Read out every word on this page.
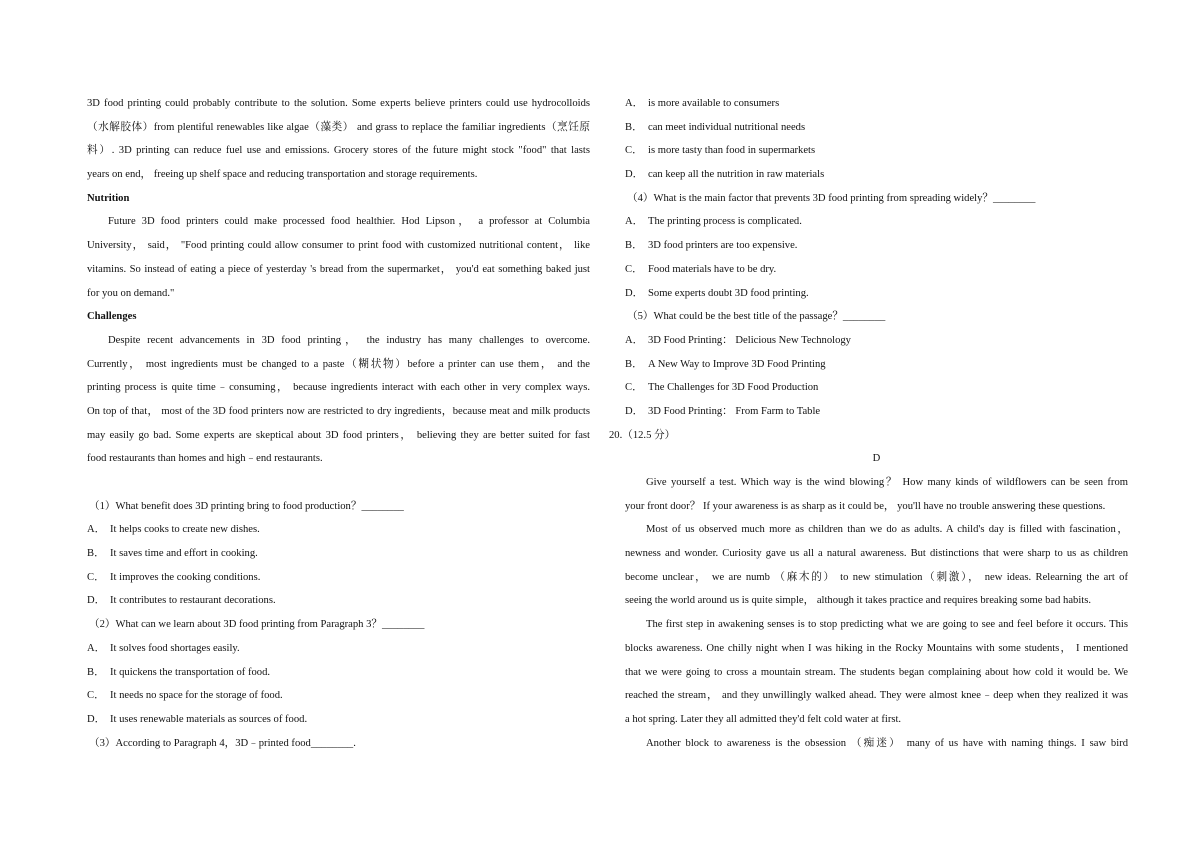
3D food printing could probably contribute to the solution. Some experts believe printers could use hydrocolloids
（水解胶体）from plentiful renewables like algae（藻类） and grass to replace the familiar ingredients（烹饪原
料）. 3D printing can reduce fuel use and emissions. Grocery stores of the future might stock "food" that lasts
years on end， freeing up shelf space and reducing transportation and storage requirements.
Nutrition
Future 3D food printers could make processed food healthier. Hod Lipson， a professor at Columbia
University， said， "Food printing could allow consumer to print food with customized nutritional content， like
vitamins. So instead of eating a piece of yesterday 's bread from the supermarket， you'd eat something baked just
for you on demand."
Challenges
Despite recent advancements in 3D food printing， the industry has many challenges to overcome.
Currently， most ingredients must be changed to a paste（糊状物）before a printer can use them， and the
printing process is quite time﹣consuming， because ingredients interact with each other in very complex ways.
On top of that， most of the 3D food printers now are restricted to dry ingredients，because meat and milk products
may easily go bad. Some experts are skeptical about 3D food printers， believing they are better suited for fast
food restaurants than homes and high﹣end restaurants.
（1）What benefit does 3D printing bring to food production？________
A． It helps cooks to create new dishes.
B． It saves time and effort in cooking.
C． It improves the cooking conditions.
D． It contributes to restaurant decorations.
（2）What can we learn about 3D food printing from Paragraph 3？________
A． It solves food shortages easily.
B． It quickens the transportation of food.
C． It needs no space for the storage of food.
D． It uses renewable materials as sources of food.
（3）According to Paragraph 4，3D﹣printed food________.
A． is more available to consumers
B． can meet individual nutritional needs
C． is more tasty than food in supermarkets
D． can keep all the nutrition in raw materials
（4）What is the main factor that prevents 3D food printing from spreading widely？________
A． The printing process is complicated.
B． 3D food printers are too expensive.
C． Food materials have to be dry.
D． Some experts doubt 3D food printing.
（5）What could be the best title of the passage？________
A． 3D Food Printing： Delicious New Technology
B． A New Way to Improve 3D Food Printing
C． The Challenges for 3D Food Production
D． 3D Food Printing： From Farm to Table
20.（12.5 分）
D
Give yourself a test. Which way is the wind blowing？ How many kinds of wildflowers can be seen from
your front door？ If your awareness is as sharp as it could be， you'll have no trouble answering these questions.
Most of us observed much more as children than we do as adults. A child's day is filled with fascination，
newness and wonder. Curiosity gave us all a natural awareness. But distinctions that were sharp to us as children
become unclear， we are numb （麻木的） to new stimulation（刺激）， new ideas. Relearning the art of
seeing the world around us is quite simple， although it takes practice and requires breaking some bad habits.
The first step in awakening senses is to stop predicting what we are going to see and feel before it occurs. This
blocks awareness. One chilly night when I was hiking in the Rocky Mountains with some students， I mentioned
that we were going to cross a mountain stream. The students began complaining about how cold it would be. We
reached the stream， and they unwillingly walked ahead. They were almost knee﹣deep when they realized it was
a hot spring. Later they all admitted they'd felt cold water at first.
Another block to awareness is the obsession （痴迷） many of us have with naming things. I saw bird
